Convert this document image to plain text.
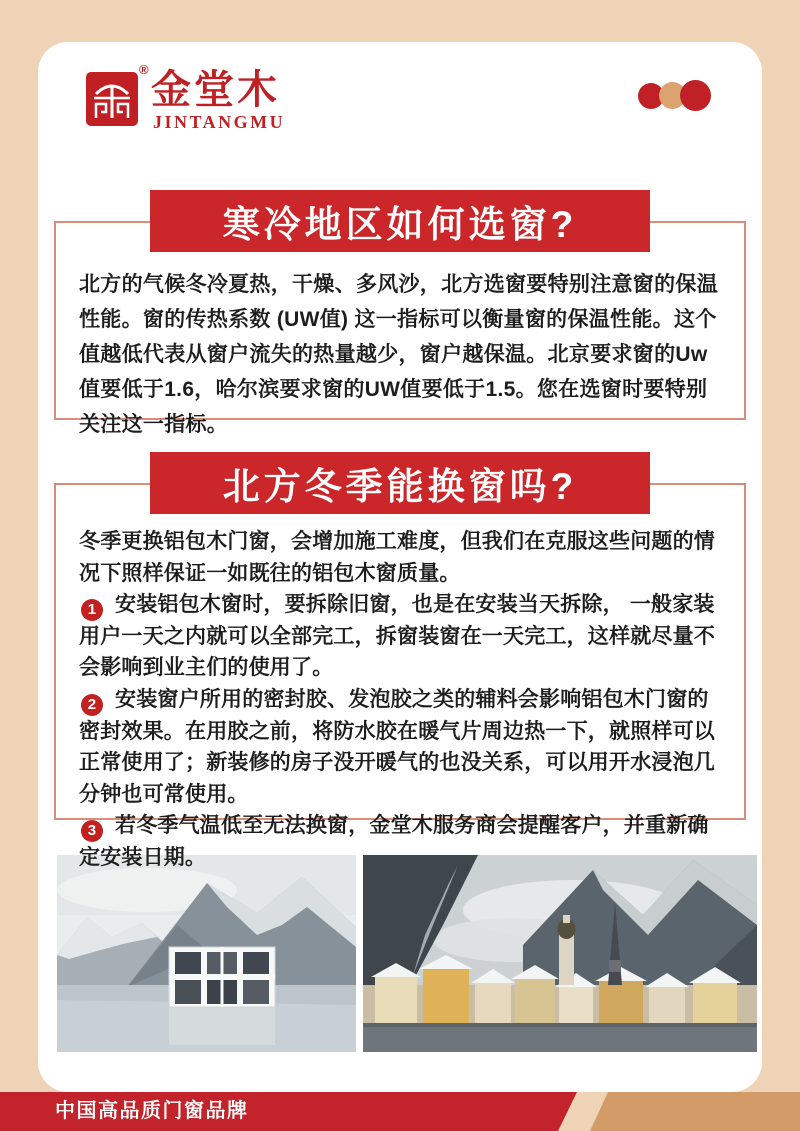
® 金堂木
JINTANGMU
寒冷地区如何选窗?

北方的气候冬冷夏热，干燥、多风沙，北方选窗要特别注意窗的保温性能。窗的传热系数 (UW值) 这一指标可以衡量窗的保温性能。这个值越低代表从窗户流失的热量越少，窗户越保温。北京要求窗的Uw值要低于1.6，哈尔滨要求窗的UW值要低于1.5。您在选窗时要特别关注这一指标。

北方冬季能换窗吗?

冬季更换铝包木门窗，会增加施工难度，但我们在克服这些问题的情况下照样保证一如既往的铝包木窗质量。

1 安装铝包木窗时，要拆除旧窗，也是在安装当天拆除， 一般家装用户一天之内就可以全部完工，拆窗装窗在一天完工，这样就尽量不会影响到业主们的使用了。

2 安装窗户所用的密封胶、发泡胶之类的辅料会影响铝包木门窗的密封效果。在用胶之前，将防水胶在暖气片周边热一下，就照样可以正常使用了；新装修的房子没开暖气的也没关系，可以用开水浸泡几分钟也可常使用。

3 若冬季气温低至无法换窗，金堂木服务商会提醒客户，并重新确定安装日期。

中国高品质门窗品牌
